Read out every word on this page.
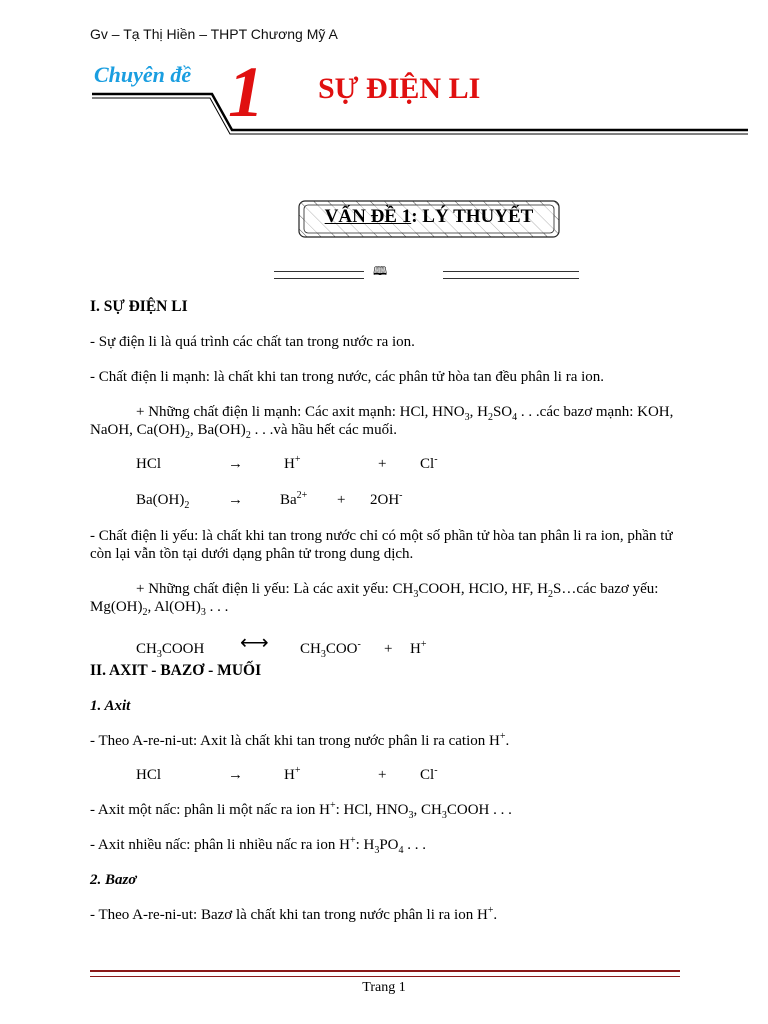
Gv – Tạ Thị Hiền – THPT Chương Mỹ A
Chuyên đề 1 SỰ ĐIỆN LI
VẤN ĐỀ 1: LÝ THUYẾT
🕮
I. SỰ ĐIỆN LI
- Sự điện li là quá trình các chất tan trong nước ra ion.
- Chất điện li mạnh: là chất khi tan trong nước, các phân tử hòa tan đều phân li ra ion.
+ Những chất điện li mạnh: Các axit mạnh: HCl, $HNO_3$, $H_2SO_4$ . . .các bazơ mạnh: KOH, NaOH, $Ca(OH)_2$, $Ba(OH)_2$ . . .và hầu hết các muối.
HCl	→	H+	+ Cl-
$Ba(OH)_2$	→ $Ba^{2+} + 2OH^-$
- Chất điện li yếu: là chất khi tan trong nước chỉ có một số phần tử hòa tan phân li ra ion, phần tử còn lại vẫn tồn tại dưới dạng phân tử trong dung dịch.
+ Những chất điện li yếu: Là các axit yếu: $CH_3COOH$, HClO, HF, $H_2S\dots các$ bazơ yếu: $Mg(OH)_2$, $Al(OH)_3$ . . .
$CH_3COOH$ ⟷ $CH_3COO^- + H^+$
II. AXIT - BAZƠ - MUỐI
1. Axit
- Theo A-re-ni-ut: Axit là chất khi tan trong nước phân li ra cation H+.
HCl	→	H+	+ Cl-
- Axit một nấc: phân li một nấc ra ion H+: HCl, $HNO_3$, $CH_3COOH$ . . .
- Axit nhiều nấc: phân li nhiều nấc ra ion H+: $H_3PO_4$ . . .
2. Bazơ
- Theo A-re-ni-ut: Bazơ là chất khi tan trong nước phân li ra ion H+.
Trang 1
